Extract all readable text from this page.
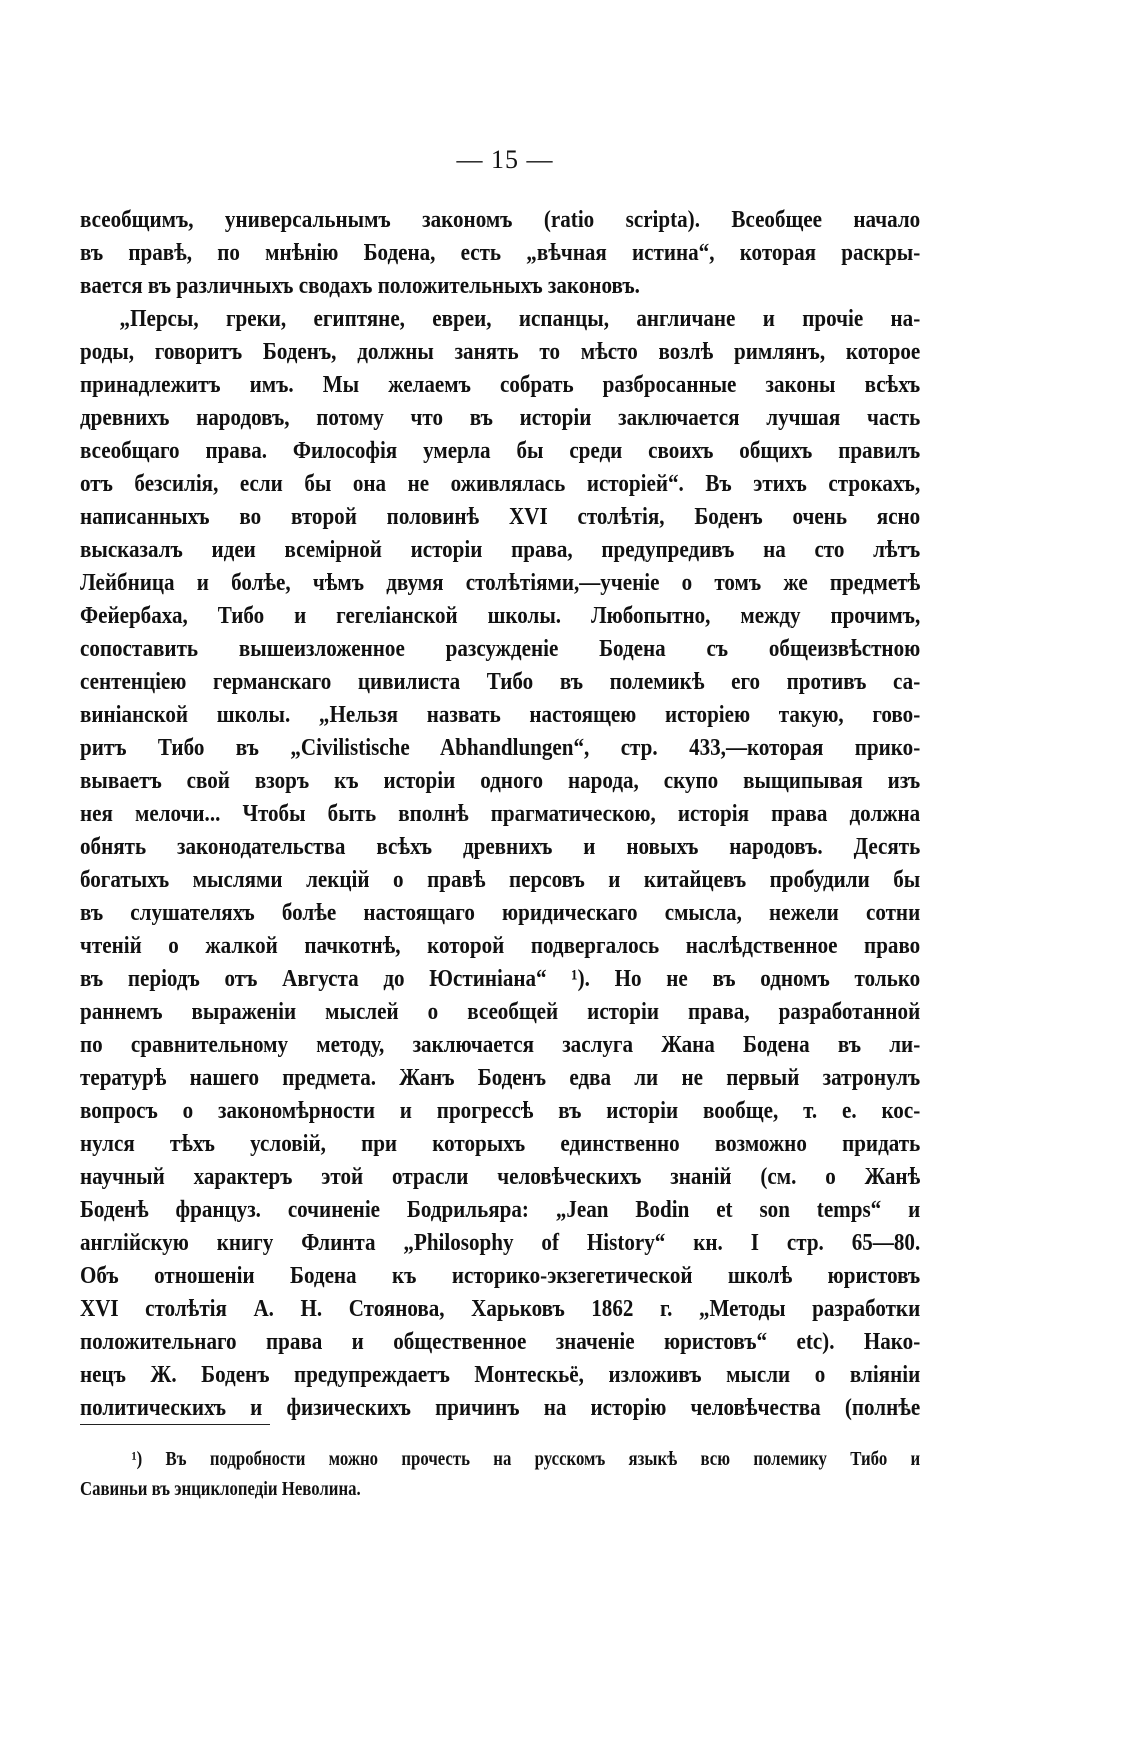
— 15 —
всеобщимъ, универсальнымъ закономъ (ratio scripta). Всеобщее начало
въ правѣ, по мнѣнію Бодена, есть „вѣчная истина“, которая раскры-
вается въ различныхъ сводахъ положительныхъ законовъ.
„Персы, греки, египтяне, евреи, испанцы, англичане и прочіе на-
роды, говоритъ Боденъ, должны занять то мѣсто возлѣ римлянъ, которое
принадлежитъ имъ. Мы желаемъ собрать разбросанные законы всѣхъ
древнихъ народовъ, потому что въ исторіи заключается лучшая часть
всеобщаго права. Философія умерла бы среди своихъ общихъ правилъ
отъ безсилія, если бы она не оживлялась исторіей“. Въ этихъ строкахъ,
написанныхъ во второй половинѣ XVI столѣтія, Боденъ очень ясно
высказалъ идеи всемірной исторіи права, предупредивъ на сто лѣтъ
Лейбница и болѣе, чѣмъ двумя столѣтіями,—ученіе о томъ же предметѣ
Фейербаха, Тибо и гегеліанской школы. Любопытно, между прочимъ,
сопоставить вышеизложенное разсужденіе Бодена съ общеизвѣстною
сентенціею германскаго цивилиста Тибо въ полемикѣ его противъ са-
виніанской школы. „Нельзя назвать настоящею исторіею такую, гово-
ритъ Тибо въ „Civilistische Abhandlungen“, стр. 433,—которая прико-
вываетъ свой взоръ къ исторіи одного народа, скупо выщипывая изъ
нея мелочи... Чтобы быть вполнѣ прагматическою, исторія права должна
обнять законодательства всѣхъ древнихъ и новыхъ народовъ. Десять
богатыхъ мыслями лекцій о правѣ персовъ и китайцевъ пробудили бы
въ слушателяхъ болѣе настоящаго юридическаго смысла, нежели сотни
чтеній о жалкой пачкотнѣ, которой подвергалось наслѣдственное право
въ періодъ отъ Августа до Юстиніана“ ¹). Но не въ одномъ только
раннемъ выраженіи мыслей о всеобщей исторіи права, разработанной
по сравнительному методу, заключается заслуга Жана Бодена въ ли-
тературѣ нашего предмета. Жанъ Боденъ едва ли не первый затронулъ
вопросъ о закономѣрности и прогрессѣ въ исторіи вообще, т. е. кос-
нулся тѣхъ условій, при которыхъ единственно возможно придать
научный характеръ этой отрасли человѣческихъ знаній (см. о Жанѣ
Боденѣ француз. сочиненіе Бодрильяра: „Jean Bodin et son temps“ и
англійскую книгу Флинта „Philosophy of History“ кн. I стр. 65—80.
Объ отношеніи Бодена къ историко-экзегетической школѣ юристовъ
XVI столѣтія А. Н. Стоянова, Харьковъ 1862 г. „Методы разработки
положительнаго права и общественное значеніе юристовъ“ etc). Нако-
нецъ Ж. Боденъ предупреждаетъ Монтескьё, изложивъ мысли о вліяніи
политическихъ и физическихъ причинъ на исторію человѣчества (полнѣе
¹) Въ подробности можно прочесть на русскомъ языкѣ всю полемику Тибо и
Савиньи въ энциклопедіи Неволина.
